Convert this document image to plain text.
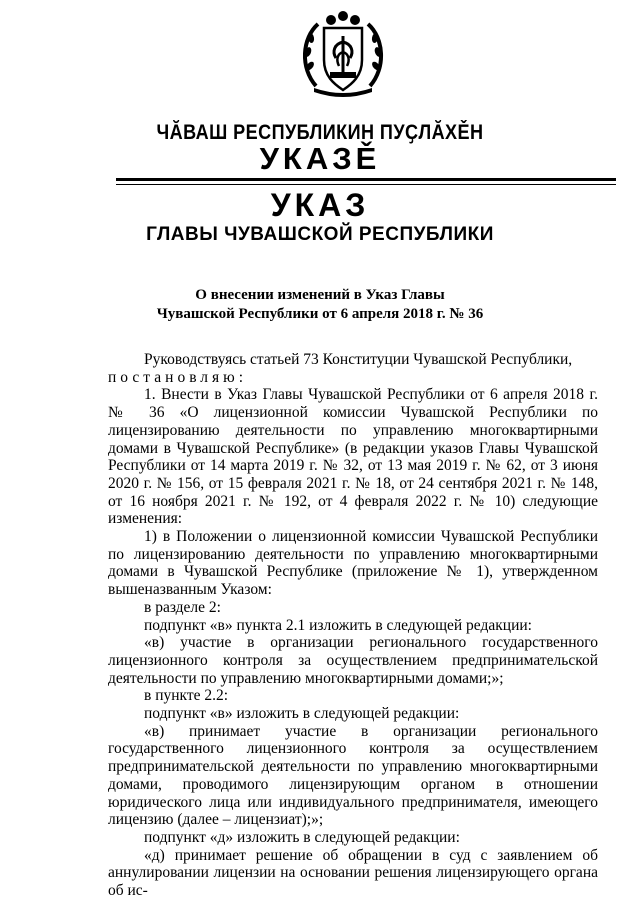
ЧĂВАШ РЕСПУБЛИКИН ПУҪЛĂХĚН
УКАЗĚ
УКАЗ
ГЛАВЫ ЧУВАШСКОЙ РЕСПУБЛИКИ
О внесении изменений в Указ Главы
Чувашской Республики от 6 апреля 2018 г. № 36

Руководствуясь статьей 73 Конституции Чувашской Республики,

постановляю:

1. Внести в Указ Главы Чувашской Республики от 6 апреля 2018 г. № 36 «О лицензионной комиссии Чувашской Республики по лицензированию деятельности по управлению многоквартирными домами в Чувашской Республике» (в редакции указов Главы Чувашской Республики от 14 марта 2019 г. № 32, от 13 мая 2019 г. № 62, от 3 июня 2020 г. № 156, от 15 февраля 2021 г. № 18, от 24 сентября 2021 г. № 148, от 16 ноября 2021 г. № 192, от 4 февраля 2022 г. № 10) следующие изменения:

1) в Положении о лицензионной комиссии Чувашской Республики по лицензированию деятельности по управлению многоквартирными домами в Чувашской Республике (приложение № 1), утвержденном вышеназванным Указом:

в разделе 2:

подпункт «в» пункта 2.1 изложить в следующей редакции:

«в) участие в организации регионального государственного лицензионного контроля за осуществлением предпринимательской деятельности по управлению многоквартирными домами;»;

в пункте 2.2:

подпункт «в» изложить в следующей редакции:

«в) принимает участие в организации регионального государственного лицензионного контроля за осуществлением предпринимательской деятельности по управлению многоквартирными домами, проводимого лицензирующим органом в отношении юридического лица или индивидуального предпринимателя, имеющего лицензию (далее – лицензиат);»;

подпункт «д» изложить в следующей редакции:

«д) принимает решение об обращении в суд с заявлением об аннулировании лицензии на основании решения лицензирующего органа об ис-
